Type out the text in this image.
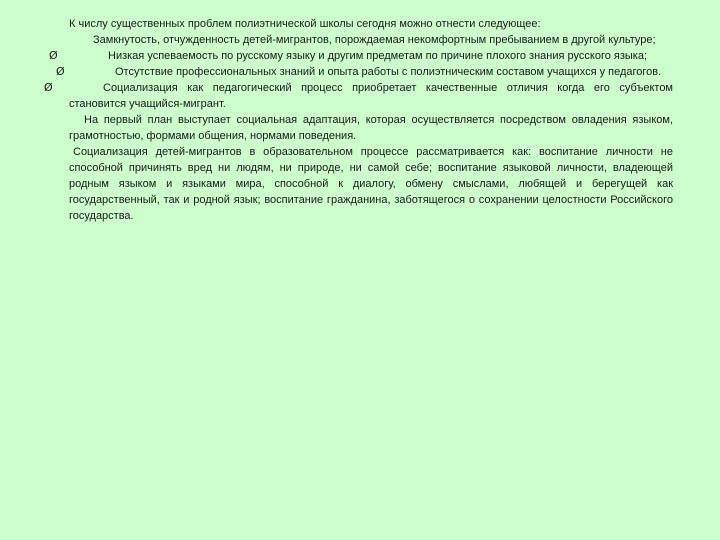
К числу существенных проблем полиэтнической школы сегодня можно отнести следующее:

Замкнутость, отчужденность детей-мигрантов, порождаемая некомфортным пребыванием в другой культуре;

Ø	Низкая успеваемость по русскому языку и другим предметам по причине плохого знания русского языка;

Ø	Отсутствие профессиональных знаний и опыта работы с полиэтническим составом учащихся у педагогов.

Ø	Социализация как педагогический процесс приобретает качественные отличия когда его субъектом становится учащийся-мигрант.

На первый план выступает социальная адаптация, которая осуществляется посредством овладения языком, грамотностью, формами общения, нормами поведения.

Социализация детей-мигрантов в образовательном процессе рассматривается как: воспитание личности не способной причинять вред ни людям, ни природе, ни самой себе; воспитание языковой личности, владеющей родным языком и языками мира, способной к диалогу, обмену смыслами, любящей и берегущей как государственный, так и родной язык; воспитание гражданина, заботящегося о сохранении целостности Российского государства.
